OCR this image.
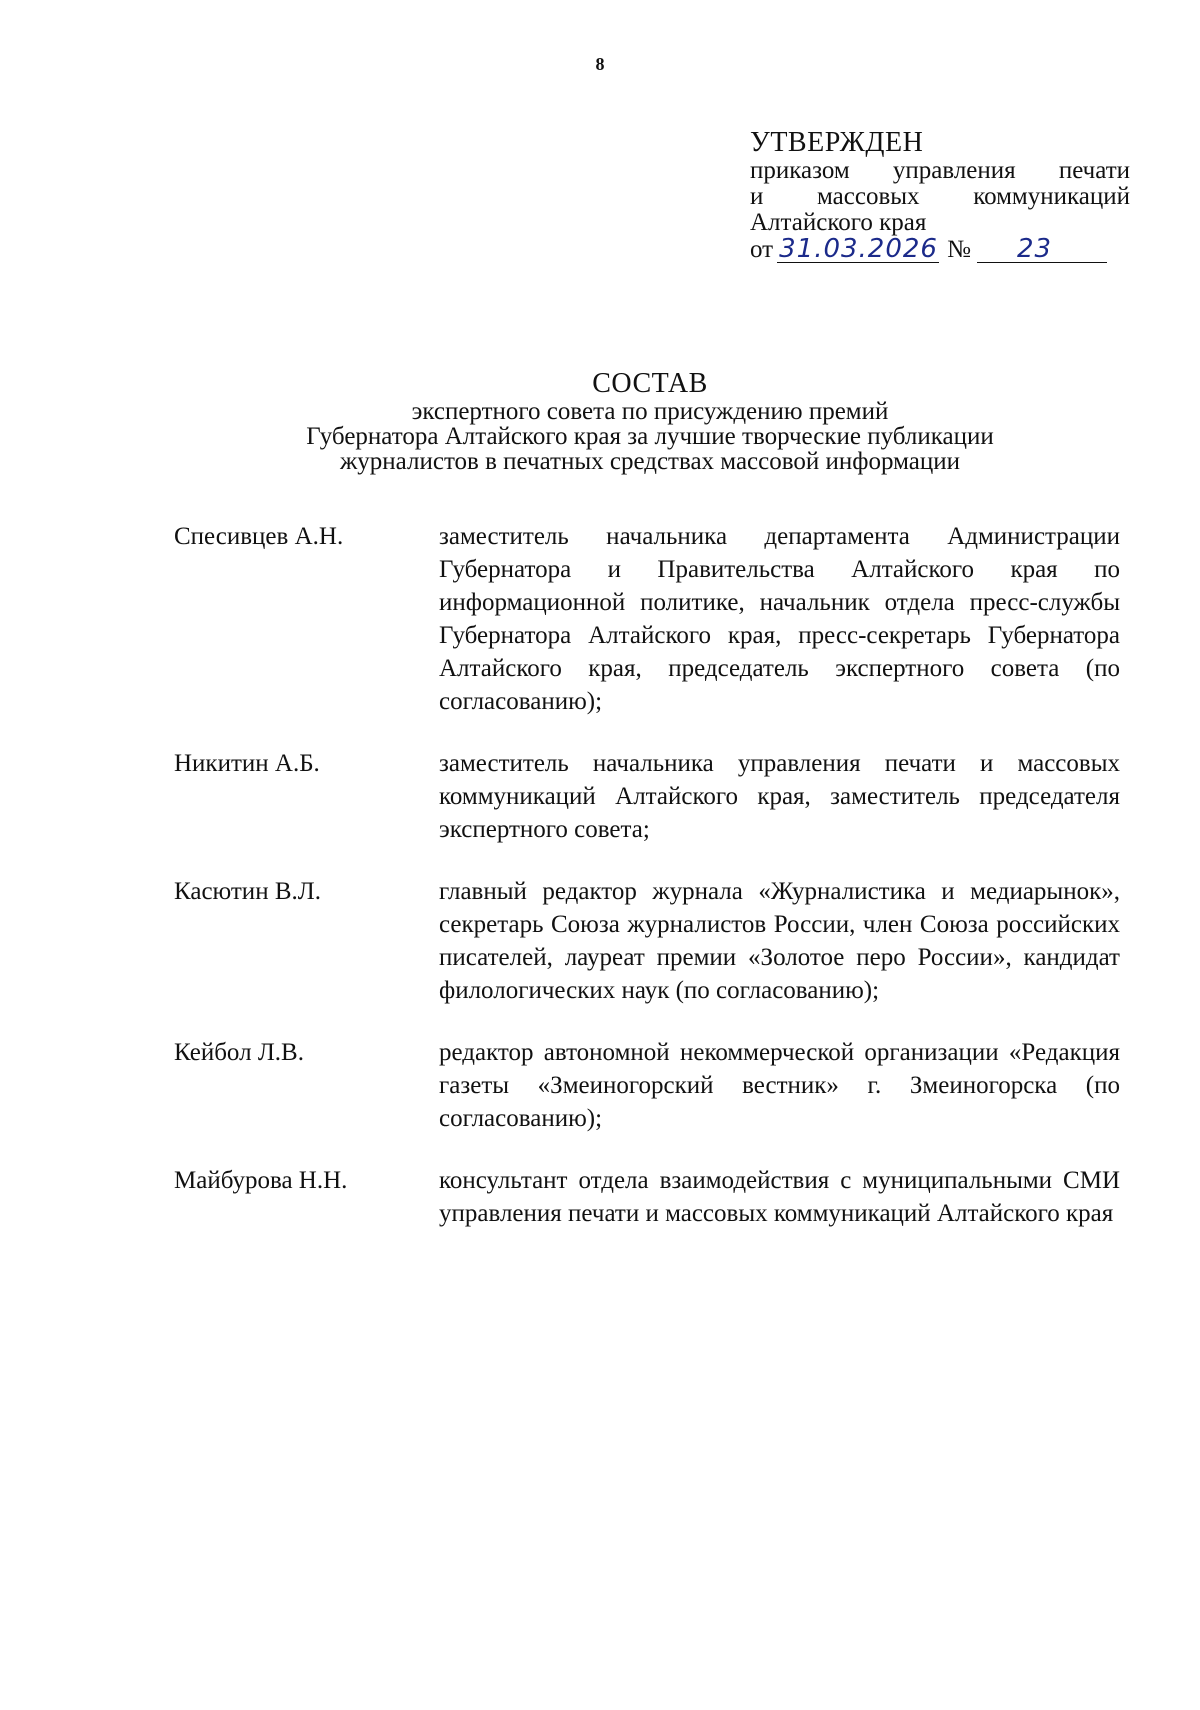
8
УТВЕРЖДЕН
приказом управления печати
и массовых коммуникаций
Алтайского края
от 31.03.2026 №	23
СОСТАВ
экспертного совета по присуждению премий
Губернатора Алтайского края за лучшие творческие публикации
журналистов в печатных средствах массовой информации
Спесивцев А.Н.	заместитель начальника департамента Администрации Губернатора и Правительства Алтайского края по информационной политике, начальник отдела пресс-службы Губернатора Алтайского края, пресс-секретарь Губернатора Алтайского края, председатель экспертного совета (по согласованию);
Никитин А.Б.	заместитель начальника управления печати и массовых коммуникаций Алтайского края, заместитель председателя экспертного совета;
Касютин В.Л.	главный редактор журнала «Журналистика и медиарынок», секретарь Союза журналистов России, член Союза российских писателей, лауреат премии «Золотое перо России», кандидат филологических наук (по согласованию);
Кейбол Л.В.	редактор автономной некоммерческой организации «Редакция газеты «Змеиногорский вестник» г. Змеиногорска (по согласованию);
Майбурова Н.Н.	консультант отдела взаимодействия с муниципальными СМИ управления печати и массовых коммуникаций Алтайского края
